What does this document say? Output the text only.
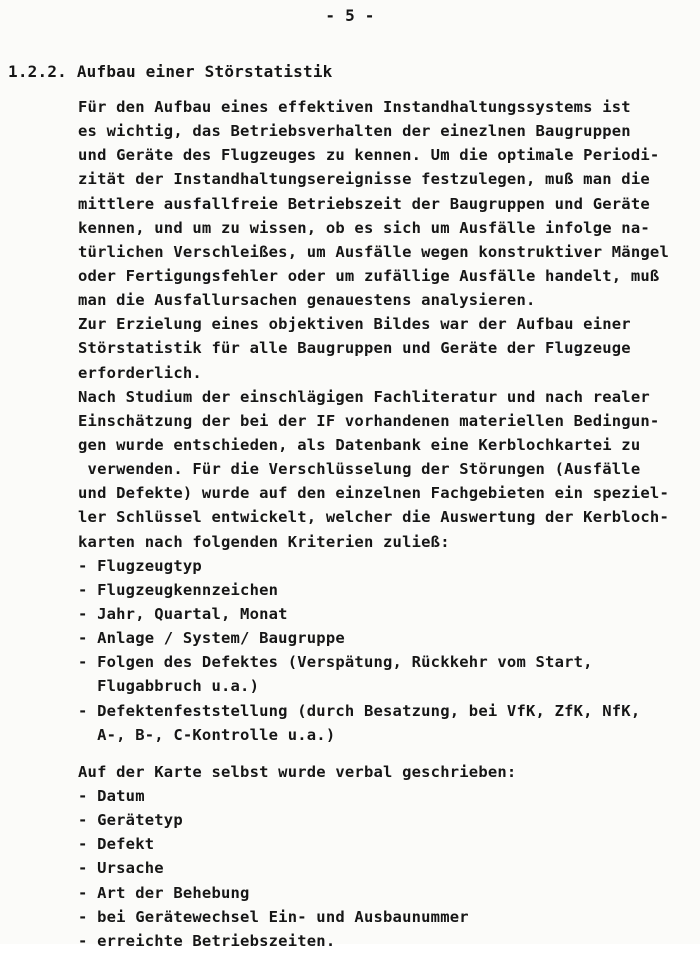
- 5 -
1.2.2. Aufbau einer Störstatistik
Für den Aufbau eines effektiven Instandhaltungssystems ist
es wichtig, das Betriebsverhalten der einezlnen Baugruppen
und Geräte des Flugzeuges zu kennen. Um die optimale Periodi-
zität der Instandhaltungsereignisse festzulegen, muß man die
mittlere ausfallfreie Betriebszeit der Baugruppen und Geräte
kennen, und um zu wissen, ob es sich um Ausfälle infolge na-
türlichen Verschleißes, um Ausfälle wegen konstruktiver Mängel
oder Fertigungsfehler oder um zufällige Ausfälle handelt, muß
man die Ausfallursachen genauestens analysieren.
Zur Erzielung eines objektiven Bildes war der Aufbau einer
Störstatistik für alle Baugruppen und Geräte der Flugzeuge
erforderlich.
Nach Studium der einschlägigen Fachliteratur und nach realer
Einschätzung der bei der IF vorhandenen materiellen Bedingun-
gen wurde entschieden, als Datenbank eine Kerblochkartei zu
verwenden. Für die Verschlüsselung der Störungen (Ausfälle
und Defekte) wurde auf den einzelnen Fachgebieten ein speziel-
ler Schlüssel entwickelt, welcher die Auswertung der Kerbloch-
karten nach folgenden Kriterien zuließ:
- Flugzeugtyp
- Flugzeugkennzeichen
- Jahr, Quartal, Monat
- Anlage / System/ Baugruppe
- Folgen des Defektes (Verspätung, Rückkehr vom Start,
Flugabbruch u.a.)
- Defektenfeststellung (durch Besatzung, bei VfK, ZfK, NfK,
A-, B-, C-Kontrolle u.a.)
Auf der Karte selbst wurde verbal geschrieben:
- Datum
- Gerätetyp
- Defekt
- Ursache
- Art der Behebung
- bei Gerätewechsel Ein- und Ausbaunummer
- erreichte Betriebszeiten.
